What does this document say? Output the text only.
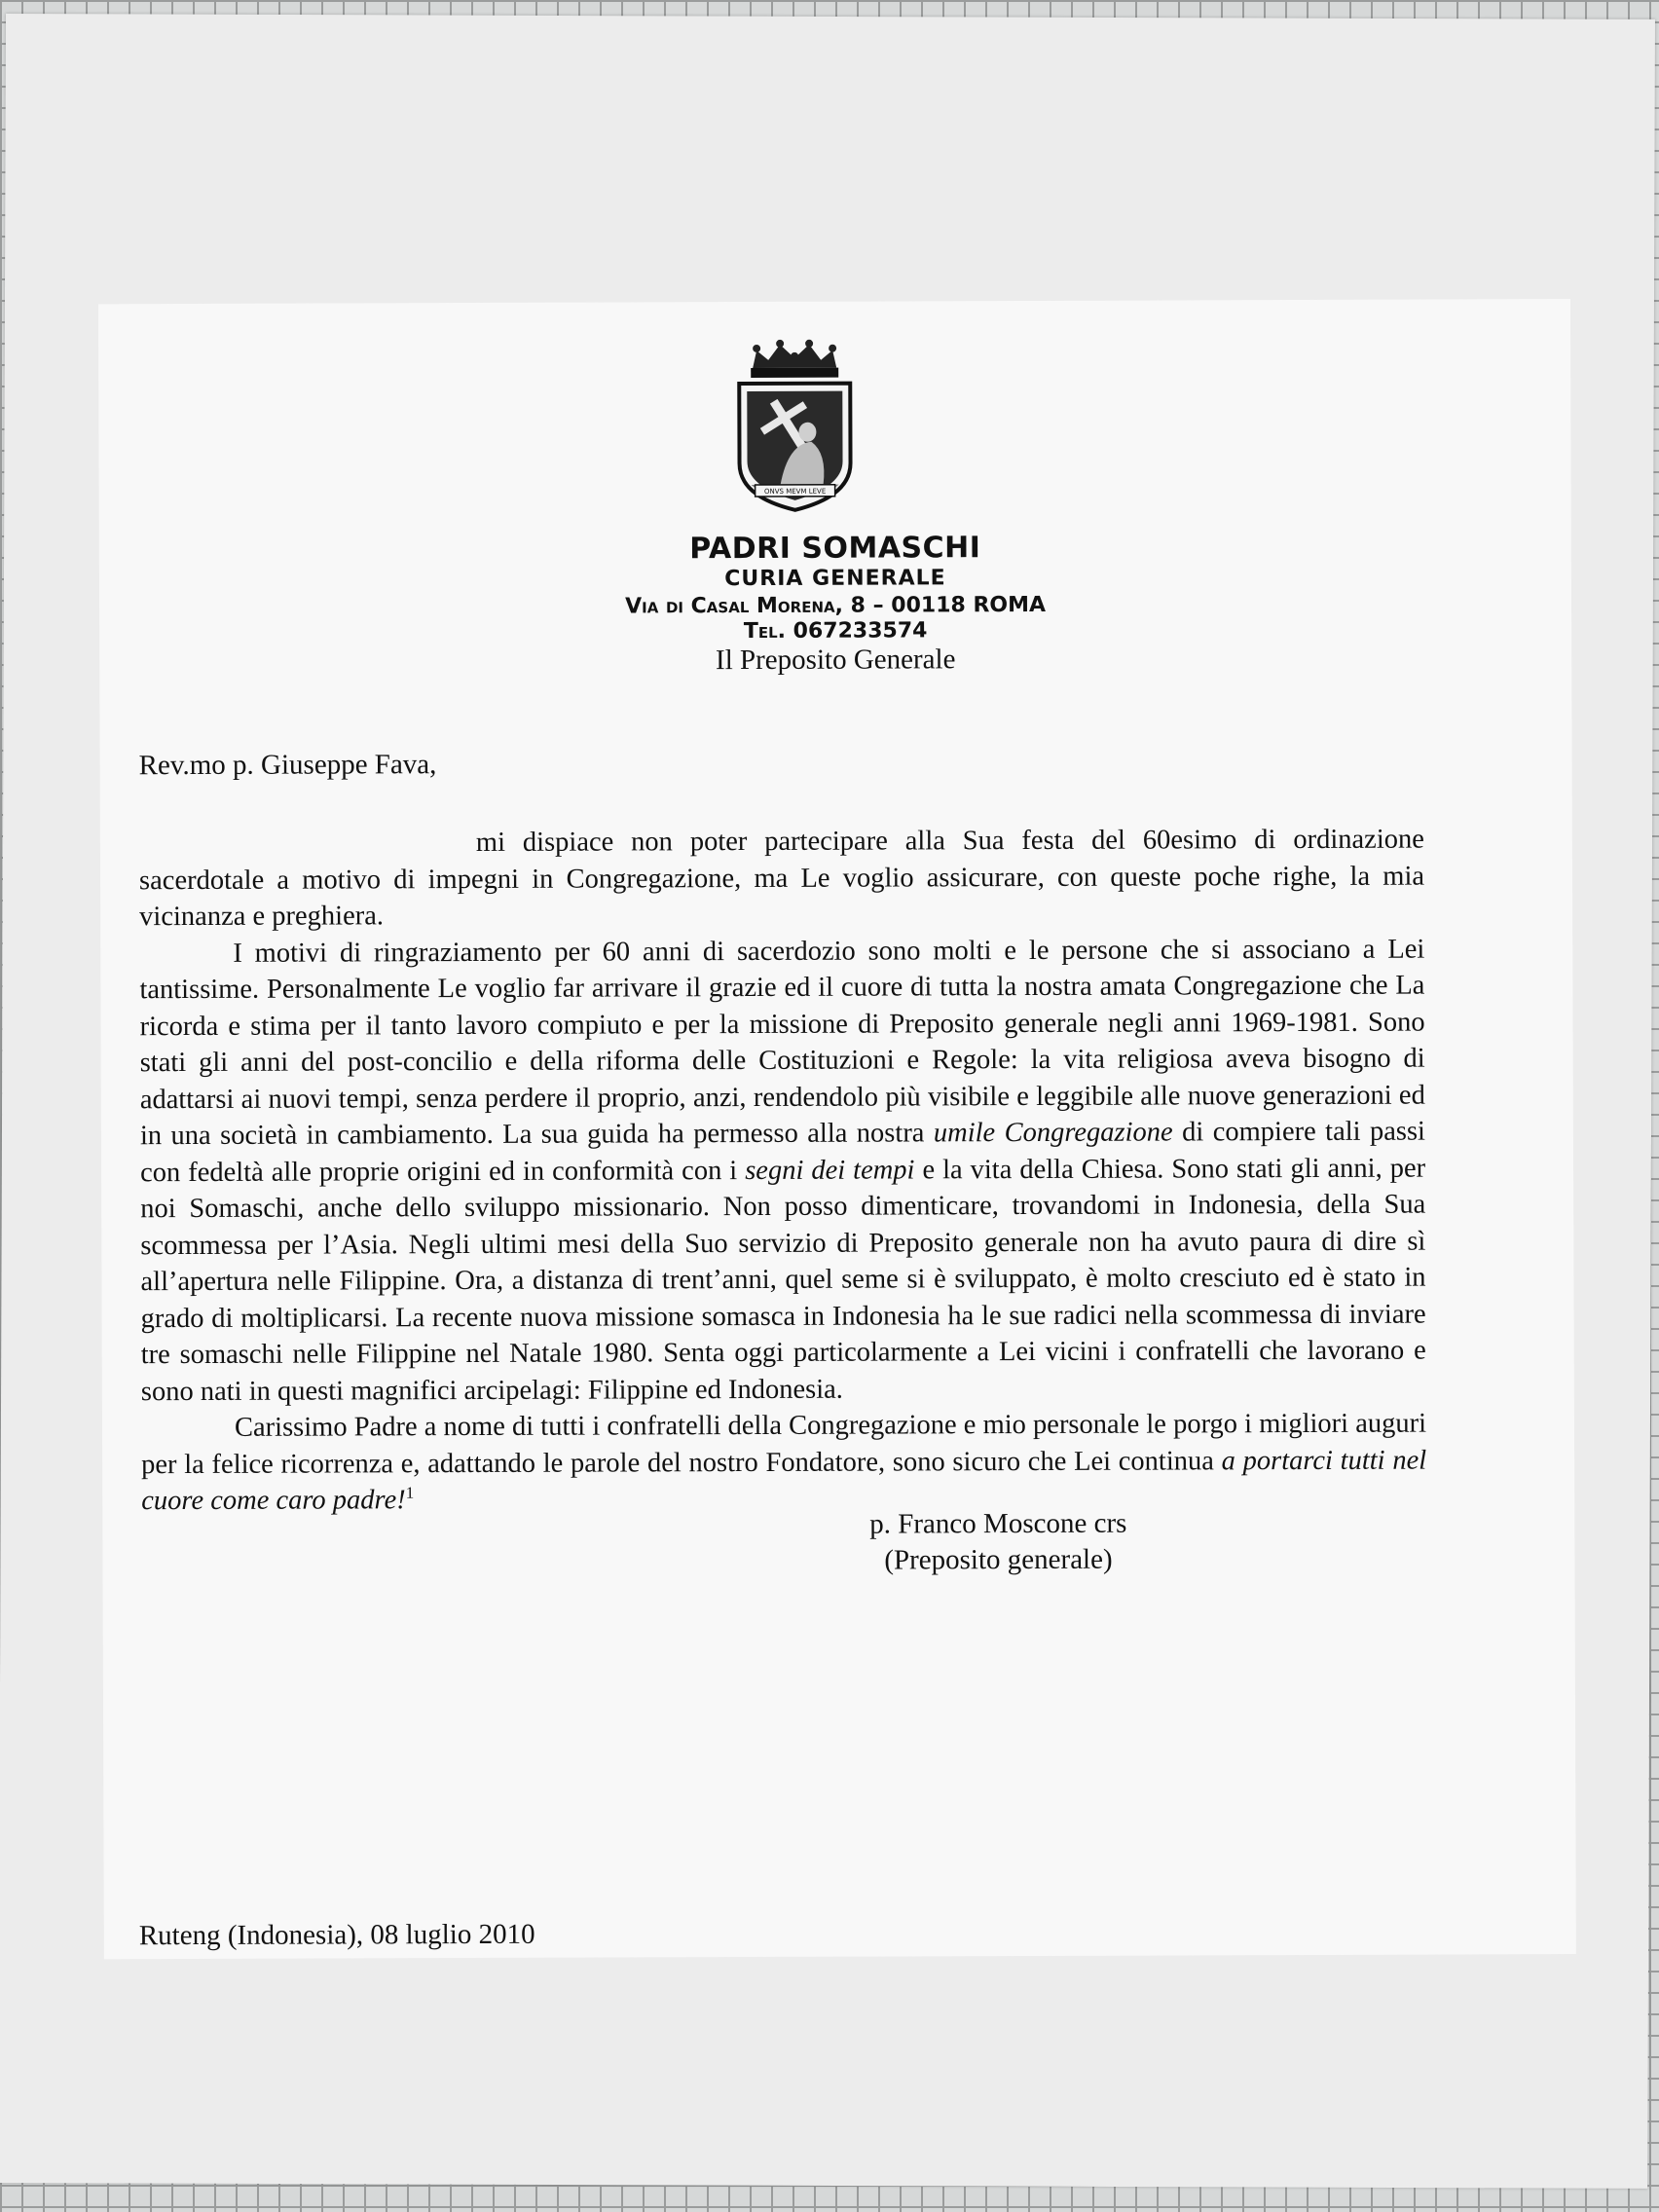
ONVS MEVM LEVE
PADRI SOMASCHI
CURIA GENERALE
Via di Casal Morena, 8 – 00118 ROMA
Tel. 067233574
Il Preposito Generale
Rev.mo p. Giuseppe Fava,

mi dispiace non poter partecipare alla Sua festa del 60esimo di ordinazione sacerdotale a motivo di impegni in Congregazione, ma Le voglio assicurare, con queste poche righe, la mia vicinanza e preghiera.

I motivi di ringraziamento per 60 anni di sacerdozio sono molti e le persone che si associano a Lei tantissime. Personalmente Le voglio far arrivare il grazie ed il cuore di tutta la nostra amata Congregazione che La ricorda e stima per il tanto lavoro compiuto e per la missione di Preposito generale negli anni 1969-1981. Sono stati gli anni del post-concilio e della riforma delle Costituzioni e Regole: la vita religiosa aveva bisogno di adattarsi ai nuovi tempi, senza perdere il proprio, anzi, rendendolo più visibile e leggibile alle nuove generazioni ed in una società in cambiamento. La sua guida ha permesso alla nostra umile Congregazione di compiere tali passi con fedeltà alle proprie origini ed in conformità con i segni dei tempi e la vita della Chiesa. Sono stati gli anni, per noi Somaschi, anche dello sviluppo missionario. Non posso dimenticare, trovandomi in Indonesia, della Sua scommessa per l’Asia. Negli ultimi mesi della Suo servizio di Preposito generale non ha avuto paura di dire sì all’apertura nelle Filippine. Ora, a distanza di trent’anni, quel seme si è sviluppato, è molto cresciuto ed è stato in grado di moltiplicarsi. La recente nuova missione somasca in Indonesia ha le sue radici nella scommessa di inviare tre somaschi nelle Filippine nel Natale 1980. Senta oggi particolarmente a Lei vicini i confratelli che lavorano e sono nati in questi magnifici arcipelagi: Filippine ed Indonesia.

Carissimo Padre a nome di tutti i confratelli della Congregazione e mio personale le porgo i migliori auguri per la felice ricorrenza e, adattando le parole del nostro Fondatore, sono sicuro che Lei continua a portarci tutti nel cuore come caro padre!$^1$

p. Franco Moscone crs
(Preposito generale)
Ruteng (Indonesia), 08 luglio 2010
